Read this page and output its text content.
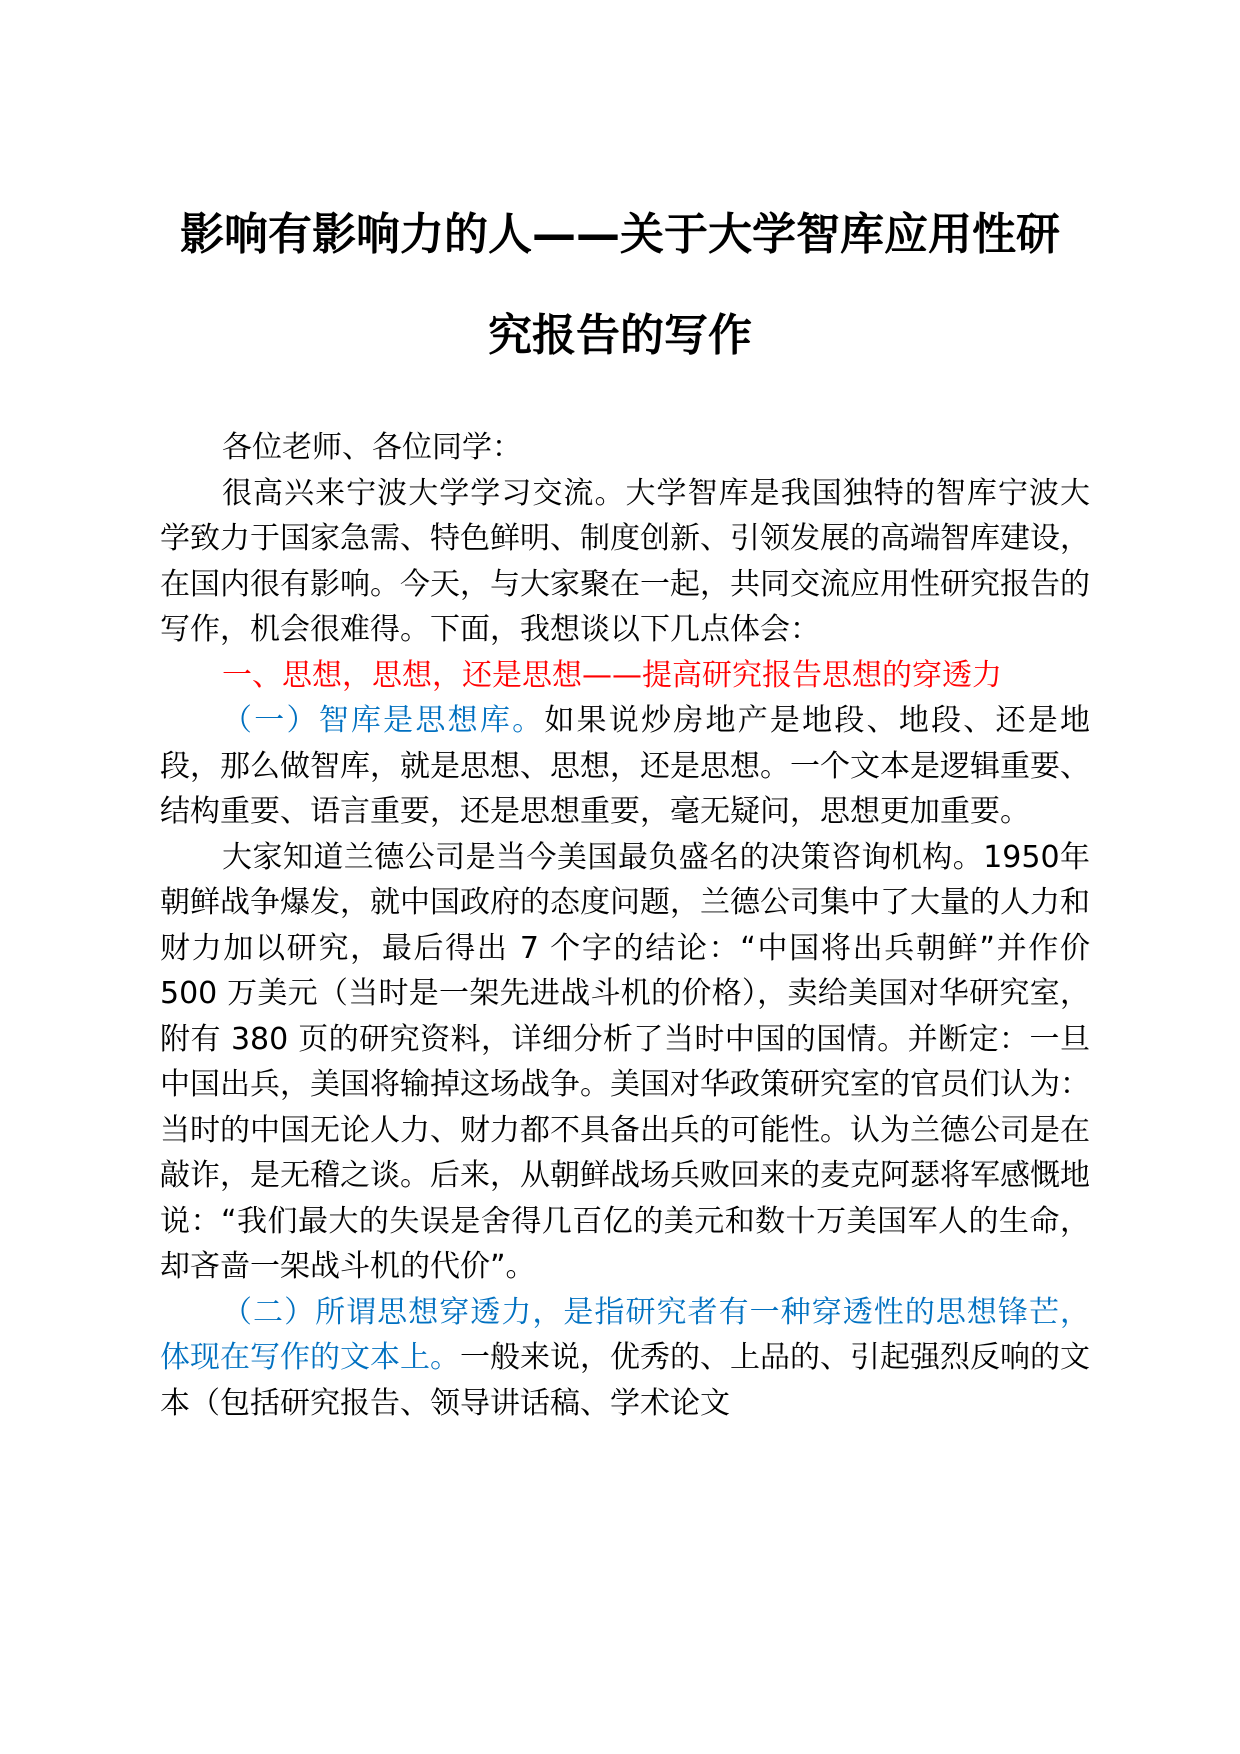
影响有影响力的人——关于大学智库应用性研
究报告的写作

各位老师、各位同学：

很高兴来宁波大学学习交流。大学智库是我国独特的智库宁波大学致力于国家急需、特色鲜明、制度创新、引领发展的高端智库建设，在国内很有影响。今天，与大家聚在一起，共同交流应用性研究报告的写作，机会很难得。下面，我想谈以下几点体会：

一、思想，思想，还是思想——提高研究报告思想的穿透力

（一）智库是思想库。如果说炒房地产是地段、地段、还是地段，那么做智库，就是思想、思想，还是思想。一个文本是逻辑重要、结构重要、语言重要，还是思想重要，毫无疑问，思想更加重要。

大家知道兰德公司是当今美国最负盛名的决策咨询机构。1950年朝鲜战争爆发，就中国政府的态度问题，兰德公司集中了大量的人力和财力加以研究，最后得出 7 个字的结论：“中国将出兵朝鲜”并作价 500 万美元（当时是一架先进战斗机的价格），卖给美国对华研究室，附有 380 页的研究资料，详细分析了当时中国的国情。并断定：一旦中国出兵，美国将输掉这场战争。美国对华政策研究室的官员们认为：当时的中国无论人力、财力都不具备出兵的可能性。认为兰德公司是在敲诈，是无稽之谈。后来，从朝鲜战场兵败回来的麦克阿瑟将军感慨地说：“我们最大的失误是舍得几百亿的美元和数十万美国军人的生命，却吝啬一架战斗机的代价”。

（二）所谓思想穿透力，是指研究者有一种穿透性的思想锋芒，体现在写作的文本上。一般来说，优秀的、上品的、引起强烈反响的文本（包括研究报告、领导讲话稿、学术论文
